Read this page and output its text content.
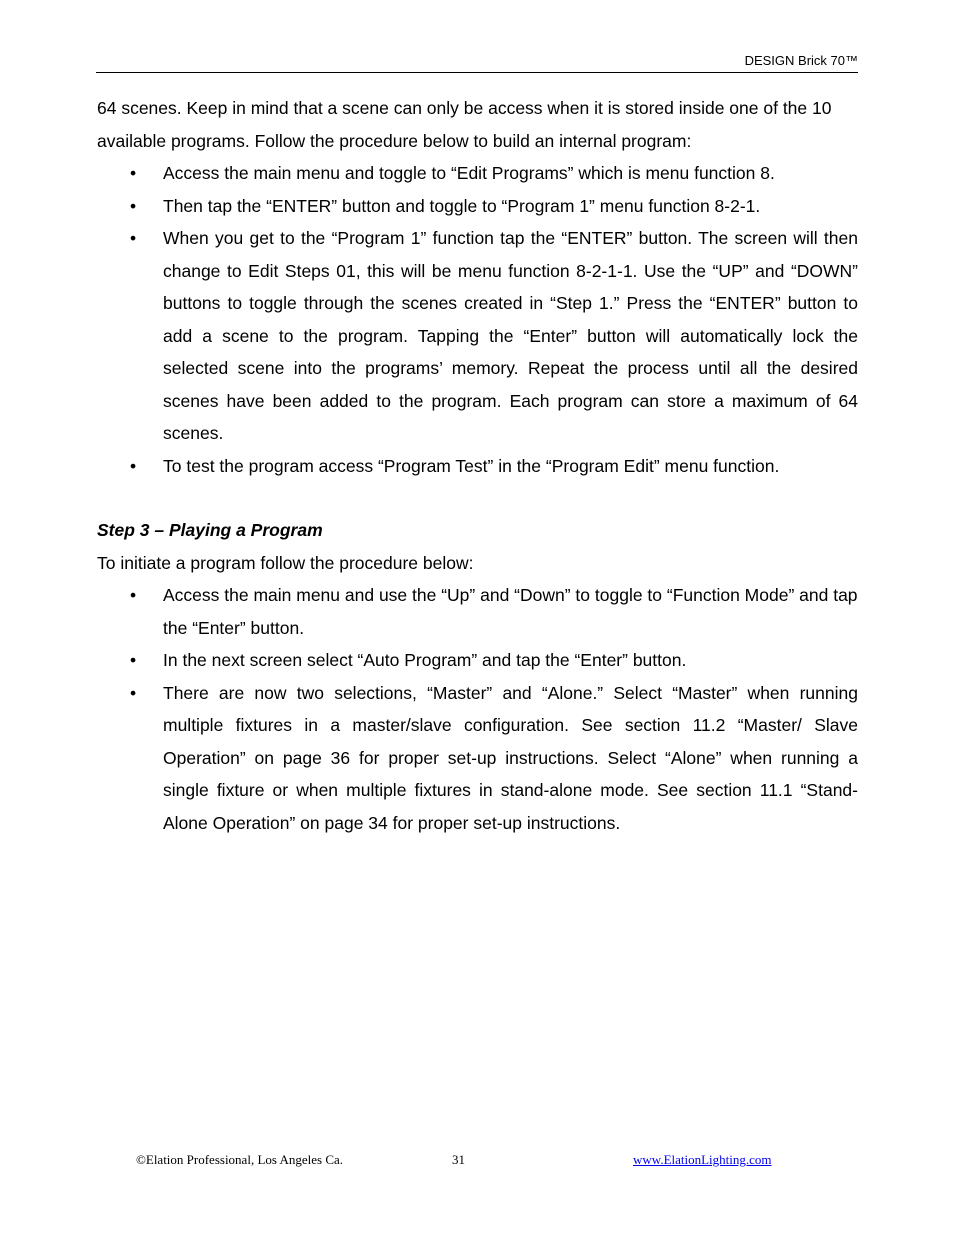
DESIGN Brick 70™

64 scenes. Keep in mind that a scene can only be access when it is stored inside one of the 10 available programs. Follow the procedure below to build an internal program:

• Access the main menu and toggle to “Edit Programs” which is menu function 8.
• Then tap the “ENTER” button and toggle to “Program 1” menu function 8-2-1.
• When you get to the “Program 1” function tap the “ENTER” button. The screen will then change to Edit Steps 01, this will be menu function 8-2-1-1. Use the “UP” and “DOWN” buttons to toggle through the scenes created in “Step 1.” Press the “ENTER” button to add a scene to the program. Tapping the “Enter” button will automatically lock the selected scene into the programs’ memory. Repeat the process until all the desired scenes have been added to the program. Each program can store a maximum of 64 scenes.
• To test the program access “Program Test” in the “Program Edit” menu function.

Step 3 – Playing a Program

To initiate a program follow the procedure below:

• Access the main menu and use the “Up” and “Down” to toggle to “Function Mode” and tap the “Enter” button.
• In the next screen select “Auto Program” and tap the “Enter” button.
• There are now two selections, “Master” and “Alone.” Select “Master” when running multiple fixtures in a master/slave configuration. See section 11.2 “Master/ Slave Operation” on page 36 for proper set-up instructions. Select “Alone” when running a single fixture or when multiple fixtures in stand-alone mode. See section 11.1 “Stand-Alone Operation” on page 34 for proper set-up instructions.
©Elation Professional, Los Angeles Ca.	31	www.ElationLighting.com
